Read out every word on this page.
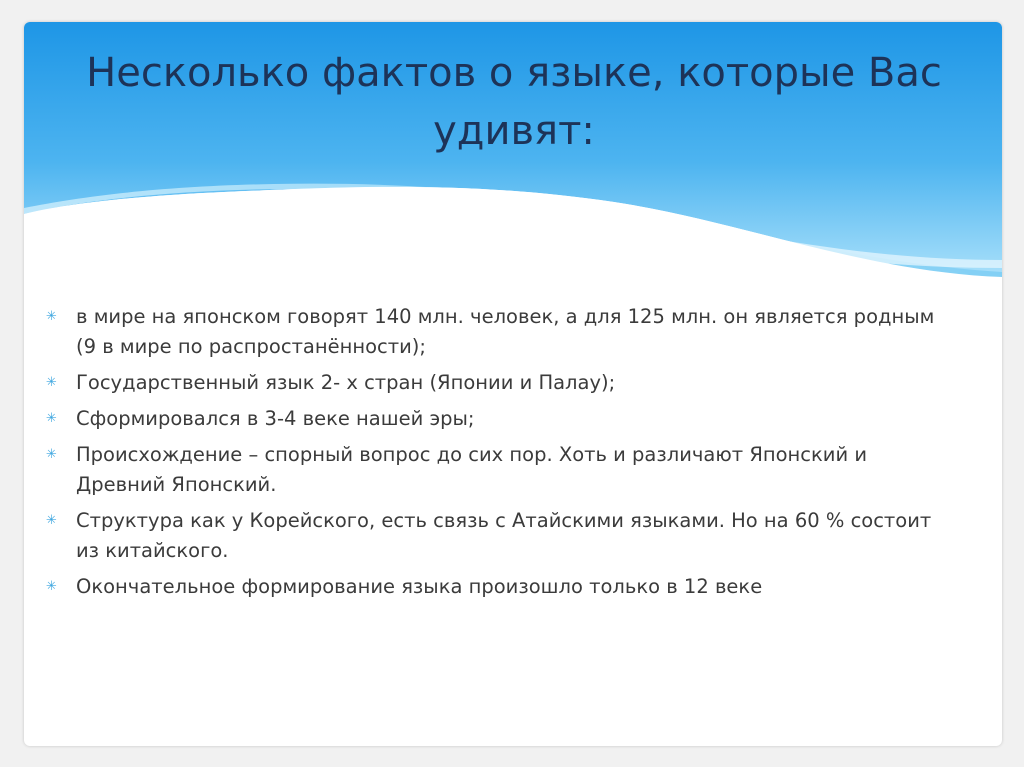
Несколько фактов о языке, которые Вас удивят:
✳ в мире на японском говорят 140 млн. человек, а для 125 млн. он является родным (9 в мире по распростанённости);
✳ Государственный язык 2- х стран (Японии и Палау);
✳ Сформировался в 3-4 веке нашей эры;
✳ Происхождение – спорный вопрос до сих пор. Хоть и различают Японский и Древний Японский.
✳ Структура как у Корейского, есть связь с Атайскими языками. Но на 60 % состоит из китайского.
✳ Окончательное формирование языка произошло только в 12 веке
